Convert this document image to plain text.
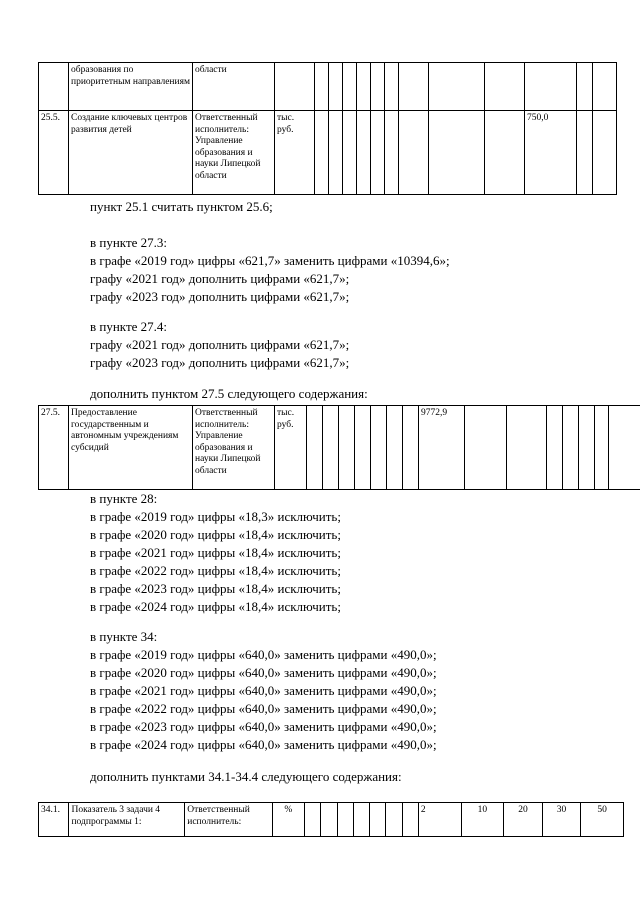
	образования по приоритетным направлениям	области													
25.5.	Создание ключевых центров развития детей	Ответственный исполнитель: Управление образования и науки Липецкой области	тыс. руб.										750,0		
пункт 25.1 считать пунктом 25.6;
в пункте 27.3:
в графе «2019 год» цифры «621,7» заменить цифрами «10394,6»;
графу «2021 год» дополнить цифрами «621,7»;
графу «2023 год» дополнить цифрами «621,7»;
в пункте 27.4:
графу «2021 год» дополнить цифрами «621,7»;
графу «2023 год» дополнить цифрами «621,7»;
дополнить пунктом 27.5 следующего содержания:
27.5.	Предоставление государственным и автономным учреждениям субсидий	Ответственный исполнитель: Управление образования и науки Липецкой области	тыс. руб.								9772,9							
в пункте 28:
в графе «2019 год» цифры «18,3» исключить;
в графе «2020 год» цифры «18,4» исключить;
в графе «2021 год» цифры «18,4» исключить;
в графе «2022 год» цифры «18,4» исключить;
в графе «2023 год» цифры «18,4» исключить;
в графе «2024 год» цифры «18,4» исключить;
в пункте 34:
в графе «2019 год» цифры «640,0» заменить цифрами «490,0»;
в графе «2020 год» цифры «640,0» заменить цифрами «490,0»;
в графе «2021 год» цифры «640,0» заменить цифрами «490,0»;
в графе «2022 год» цифры «640,0» заменить цифрами «490,0»;
в графе «2023 год» цифры «640,0» заменить цифрами «490,0»;
в графе «2024 год» цифры «640,0» заменить цифрами «490,0»;
дополнить пунктами 34.1-34.4 следующего содержания:
34.1.	Показатель 3 задачи 4 подпрограммы 1:	Ответственный исполнитель:	%								2	10	20	30	50
